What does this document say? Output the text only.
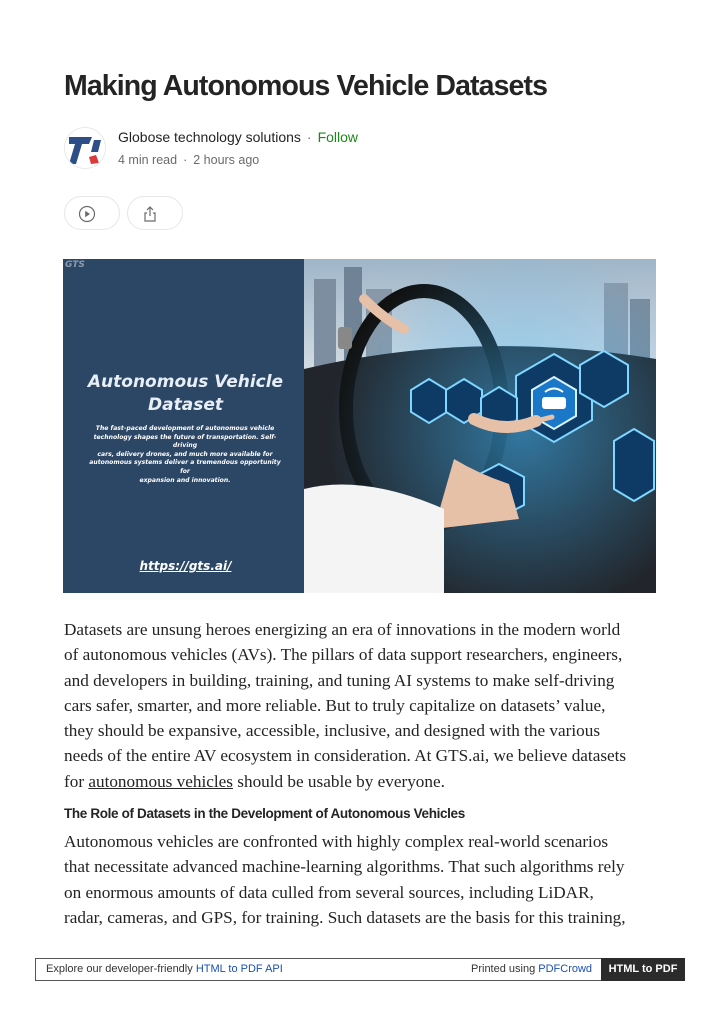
Making Autonomous Vehicle Datasets
Globose technology solutions · Follow
4 min read · 2 hours ago
GTS
Autonomous Vehicle
Dataset
The fast-paced development of autonomous vehicle
technology shapes the future of transportation. Self-driving
cars, delivery drones, and much more available for
autonomous systems deliver a tremendous opportunity for
expansion and innovation.
https://gts.ai/
Datasets are unsung heroes energizing an era of innovations in the modern world
of autonomous vehicles (AVs). The pillars of data support researchers, engineers,
and developers in building, training, and tuning AI systems to make self-driving
cars safer, smarter, and more reliable. But to truly capitalize on datasets’ value,
they should be expansive, accessible, inclusive, and designed with the various
needs of the entire AV ecosystem in consideration. At GTS.ai, we believe datasets
for autonomous vehicles should be usable by everyone.
The Role of Datasets in the Development of Autonomous Vehicles
Autonomous vehicles are confronted with highly complex real-world scenarios
that necessitate advanced machine-learning algorithms. That such algorithms rely
on enormous amounts of data culled from several sources, including LiDAR,
radar, cameras, and GPS, for training. Such datasets are the basis for this training,
Explore our developer-friendly HTML to PDF API	Printed using PDFCrowd	HTML to PDF
